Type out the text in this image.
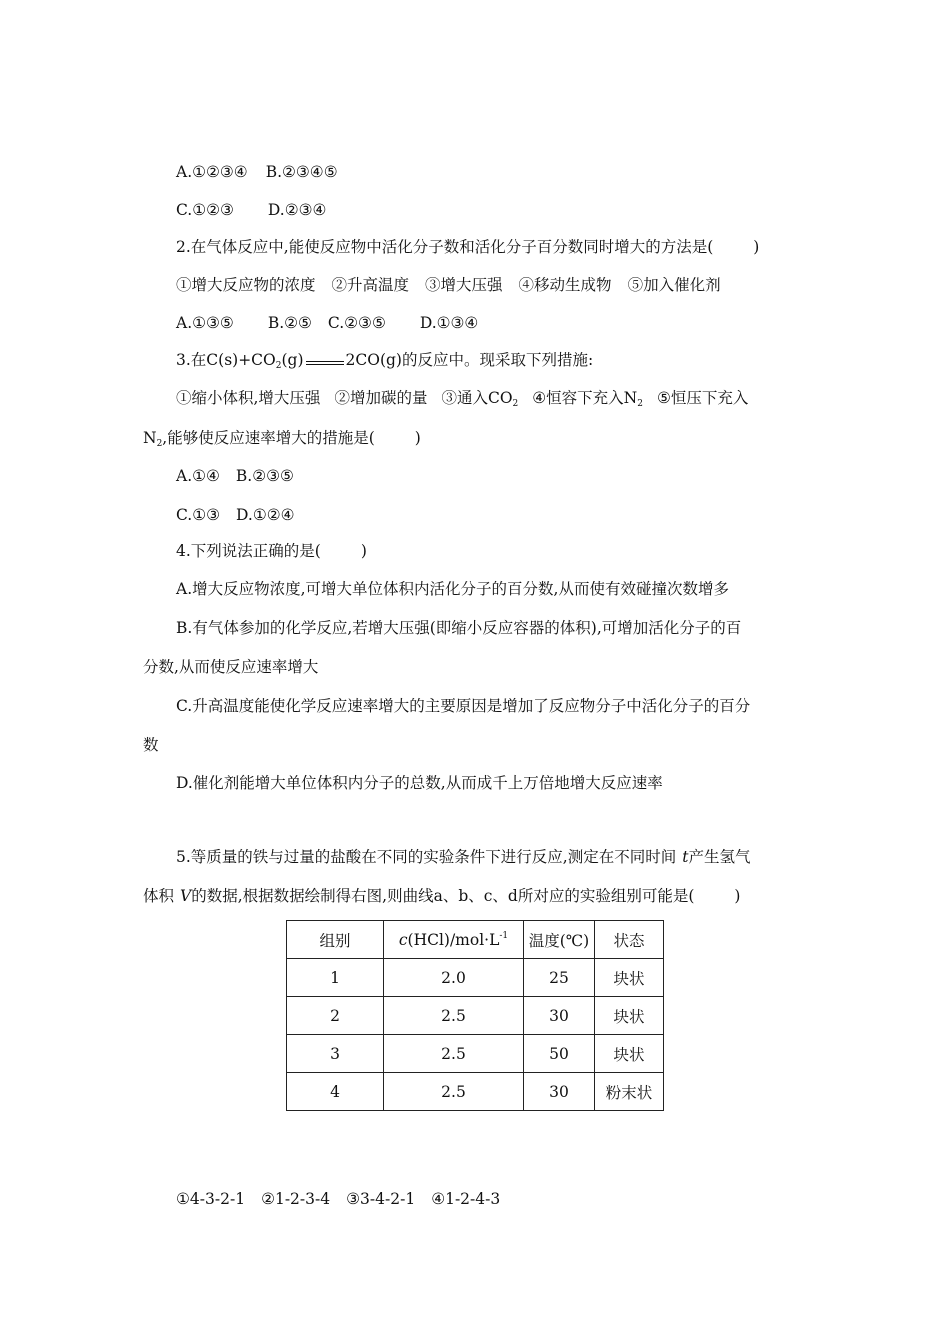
A.①②③④ B.②③④⑤
C.①②③ D.②③④
2.在气体反应中,能使反应物中活化分子数和活化分子百分数同时增大的方法是(	)
①增大反应物的浓度 ②升高温度 ③增大压强 ④移动生成物 ⑤加入催化剂
A.①③⑤ B.②⑤ C.②③⑤ D.①③④
3.在$C(s)+CO_2(g)$	2CO(g)的反应中。现采取下列措施:
①缩小体积,增大压强 ②增加碳的量 ③通入$CO_2$ ④恒容下充入$N_2$ ⑤恒压下充入
$N_2$,能够使反应速率增大的措施是(	)
A.①④ B.②③⑤
C.①③ D.①②④
4.下列说法正确的是(	)
A.增大反应物浓度,可增大单位体积内活化分子的百分数,从而使有效碰撞次数增多
B.有气体参加的化学反应,若增大压强(即缩小反应容器的体积),可增加活化分子的百
分数,从而使反应速率增大
C.升高温度能使化学反应速率增大的主要原因是增加了反应物分子中活化分子的百分
数
D.催化剂能增大单位体积内分子的总数,从而成千上万倍地增大反应速率
5.等质量的铁与过量的盐酸在不同的实验条件下进行反应,测定在不同时间 t产生氢气
体积 V的数据,根据数据绘制得右图,则曲线a、b、c、d所对应的实验组别可能是(	)
组别	$c(HCl)/mol\cdot L^{-1}$	温度(℃)	状态
1	2.0	25	块状
2	2.5	30	块状
3	2.5	50	块状
4	2.5	30	粉末状
①4-3-2-1 ②1-2-3-4 ③3-4-2-1 ④1-2-4-3
